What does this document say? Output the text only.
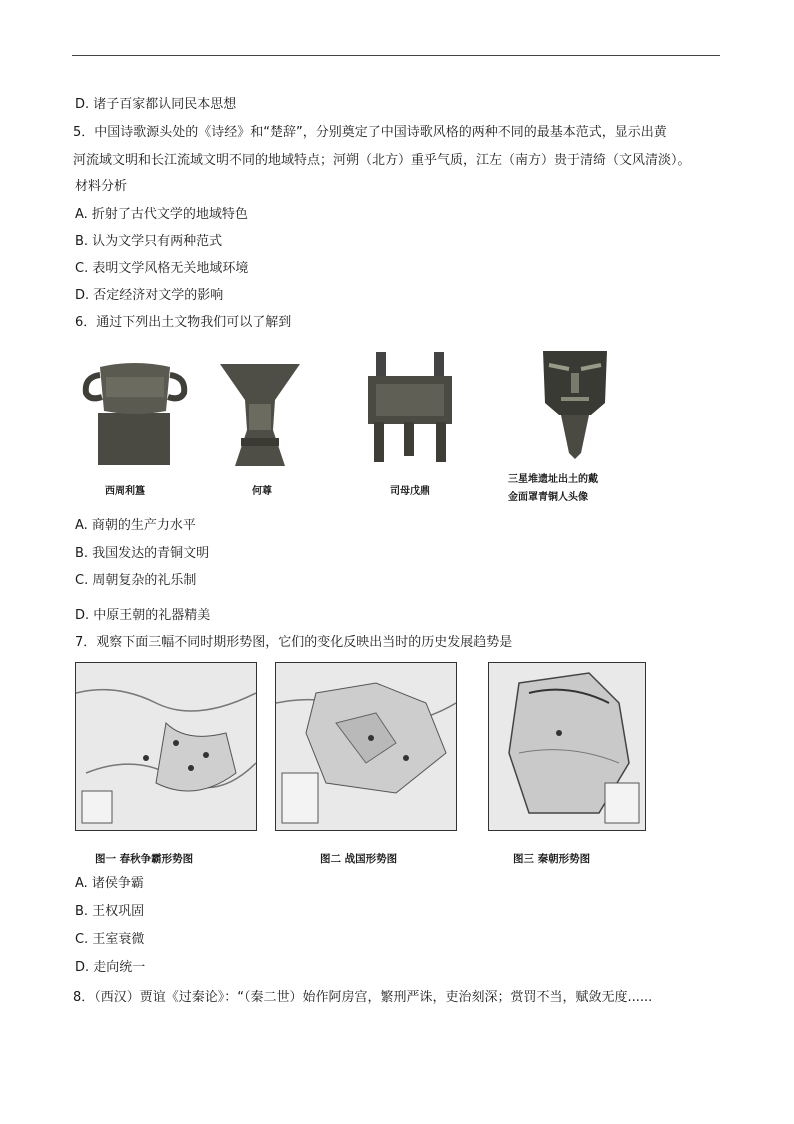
D. 诸子百家都认同民本思想
5．中国诗歌源头处的《诗经》和“楚辞”，分别奠定了中国诗歌风格的两种不同的最基本范式，显示出黄
河流域文明和长江流域文明不同的地域特点；河朔（北方）重乎气质，江左（南方）贵于清绮（文风清淡）。
材料分析
A. 折射了古代文学的地域特色
B. 认为文学只有两种范式
C. 表明文学风格无关地域环境
D. 否定经济对文学的影响
6．通过下列出土文物我们可以了解到
西周利簋	何尊	司母戊鼎
三星堆遗址出土的戴
金面罩青铜人头像
A. 商朝的生产力水平
B. 我国发达的青铜文明
C. 周朝复杂的礼乐制
D. 中原王朝的礼器精美
7．观察下面三幅不同时期形势图，它们的变化反映出当时的历史发展趋势是
图一 春秋争霸形势图	图二 战国形势图	图三 秦朝形势图
A. 诸侯争霸
B. 王权巩固
C. 王室衰微
D. 走向统一
8．（西汉）贾谊《过秦论》：“（秦二世）始作阿房宫，繁刑严诛，吏治刻深；赏罚不当，赋敛无度......
